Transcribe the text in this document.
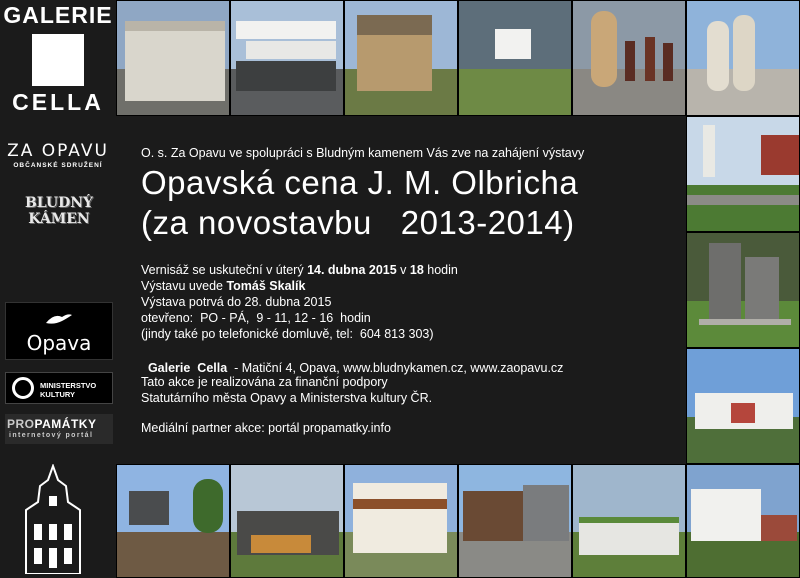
GALERIE
CELLA
ZA OPAVU
OBČANSKÉ SDRUŽENÍ
BLUDNÝ KÁMEN
Opava
MINISTERSTVO
KULTURY
PROPAMÁTKY
internetový portál
O. s. Za Opavu ve spolupráci s Bludným kamenem Vás zve na zahájení výstavy
Opavská cena J. M. Olbricha
(za novostavbu   2013-2014)
Vernisáž se uskuteční v úterý 14. dubna 2015 v 18 hodin
Výstavu uvede Tomáš Skalík
Výstava potrvá do 28. dubna 2015
otevřeno:  PO - PÁ,  9 - 11, 12 - 16  hodin
(jindy také po telefonické domluvě, tel:  604 813 303)

Galerie  Cella  - Matiční 4, Opava, www.bludnykamen.cz, www.zaopavu.cz

Tato akce je realizována za finanční podpory
Statutárního města Opavy a Ministerstva kultury ČR.
Mediální partner akce: portál propamatky.info
